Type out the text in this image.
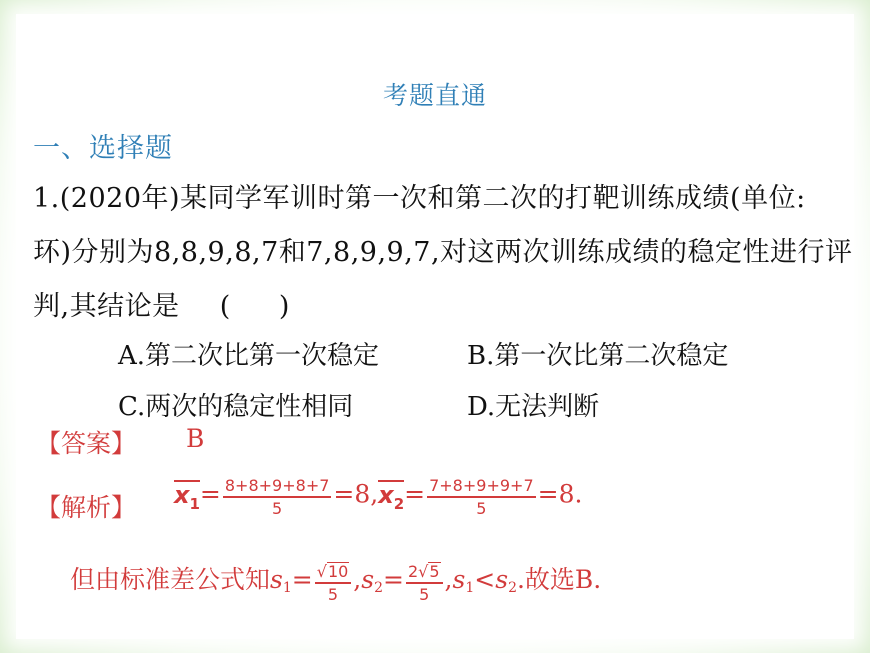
考题直通
一、选择题
1.(2020年)某同学军训时第一次和第二次的打靶训练成绩(单位:
环)分别为8,8,9,8,7和7,8,9,9,7,对这两次训练成绩的稳定性进行评
判,其结论是 ( )
A.第二次比第一次稳定	B.第一次比第二次稳定
C.两次的稳定性相同	D.无法判断
【答案】 B
【解析】 $x_1= \frac{8+8+9+8+7}{5} =8,x_2= \frac{7+8+9+9+7}{5} =8$.
但由标准差公式知$s_1= \frac{√10}{5} ,s_2= \frac{2√5}{5} ,s_1<s_2$.故选B.
